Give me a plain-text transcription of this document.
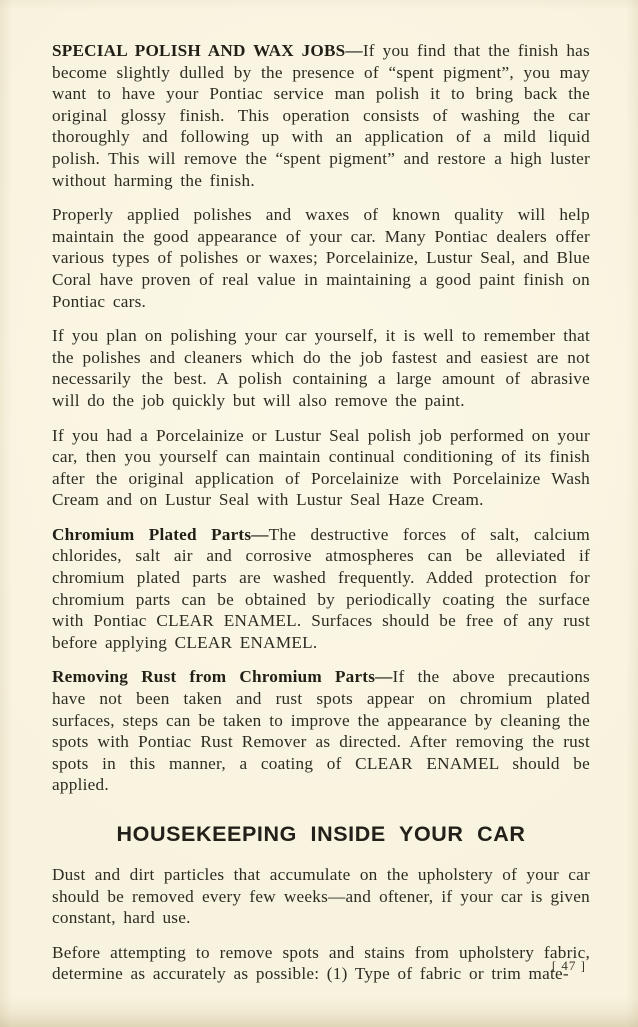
SPECIAL POLISH AND WAX JOBS—If you find that the finish has become slightly dulled by the presence of “spent pigment”, you may want to have your Pontiac service man polish it to bring back the original glossy finish. This operation consists of washing the car thoroughly and following up with an application of a mild liquid polish. This will remove the “spent pigment” and restore a high luster without harming the finish.

Properly applied polishes and waxes of known quality will help maintain the good appearance of your car. Many Pontiac dealers offer various types of polishes or waxes; Porcelainize, Lustur Seal, and Blue Coral have proven of real value in maintaining a good paint finish on Pontiac cars.

If you plan on polishing your car yourself, it is well to remember that the polishes and cleaners which do the job fastest and easiest are not necessarily the best. A polish containing a large amount of abrasive will do the job quickly but will also remove the paint.

If you had a Porcelainize or Lustur Seal polish job performed on your car, then you yourself can maintain continual conditioning of its finish after the original application of Porcelainize with Porcelainize Wash Cream and on Lustur Seal with Lustur Seal Haze Cream.

Chromium Plated Parts—The destructive forces of salt, calcium chlorides, salt air and corrosive atmospheres can be alleviated if chromium plated parts are washed frequently. Added protection for chromium parts can be obtained by periodically coating the surface with Pontiac CLEAR ENAMEL. Surfaces should be free of any rust before applying CLEAR ENAMEL.

Removing Rust from Chromium Parts—If the above precautions have not been taken and rust spots appear on chromium plated surfaces, steps can be taken to improve the appearance by cleaning the spots with Pontiac Rust Remover as directed. After removing the rust spots in this manner, a coating of CLEAR ENAMEL should be applied.

HOUSEKEEPING INSIDE YOUR CAR

Dust and dirt particles that accumulate on the upholstery of your car should be removed every few weeks—and oftener, if your car is given constant, hard use.

Before attempting to remove spots and stains from upholstery fabric, determine as accurately as possible: (1) Type of fabric or trim mate-

[ 47 ]
